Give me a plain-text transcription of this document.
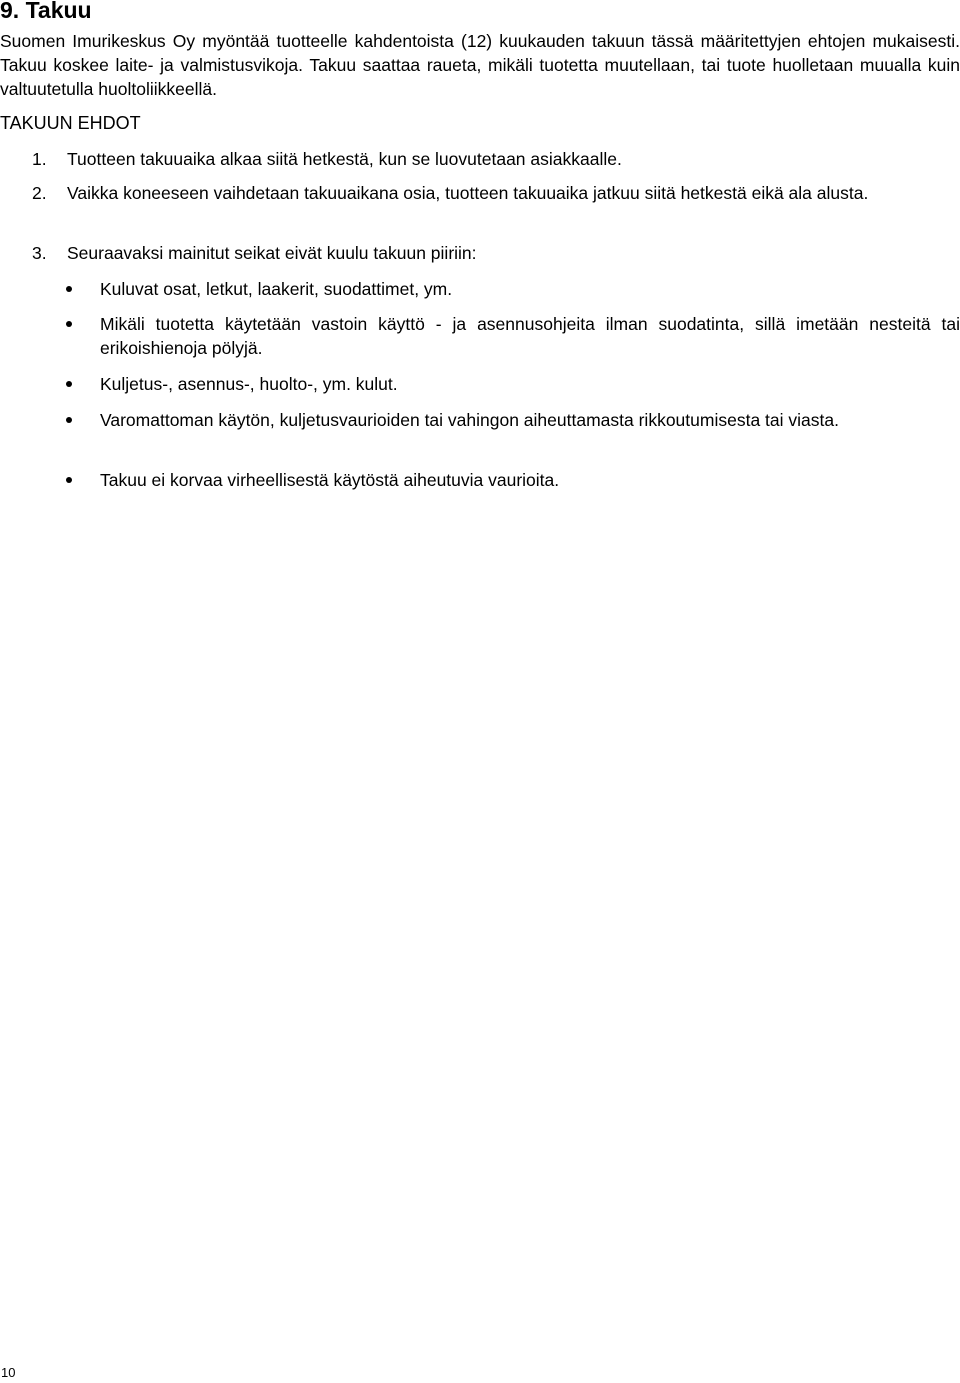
9. Takuu

Suomen Imurikeskus Oy myöntää tuotteelle kahdentoista (12) kuukauden takuun tässä määritettyjen ehtojen mukaisesti. Takuu koskee laite- ja valmistusvikoja. Takuu saattaa raueta, mikäli tuotetta muutellaan, tai tuote huolletaan muualla kuin valtuutetulla huoltoliikkeellä.

TAKUUN EHDOT
1.	Tuotteen takuuaika alkaa siitä hetkestä, kun se luovutetaan asiakkaalle.
2.	Vaikka koneeseen vaihdetaan takuuaikana osia, tuotteen takuuaika jatkuu siitä hetkestä eikä ala alusta.
3.	Seuraavaksi mainitut seikat eivät kuulu takuun piiriin:
Kuluvat osat, letkut, laakerit, suodattimet, ym.
Mikäli tuotetta käytetään vastoin käyttö - ja asennusohjeita ilman suodatinta, sillä imetään nesteitä tai erikoishienoja pölyjä.
Kuljetus-, asennus-, huolto-, ym. kulut.
Varomattoman käytön, kuljetusvaurioiden tai vahingon aiheuttamasta rikkoutumisesta tai viasta.
Takuu ei korvaa virheellisestä käytöstä aiheutuvia vaurioita.
10
